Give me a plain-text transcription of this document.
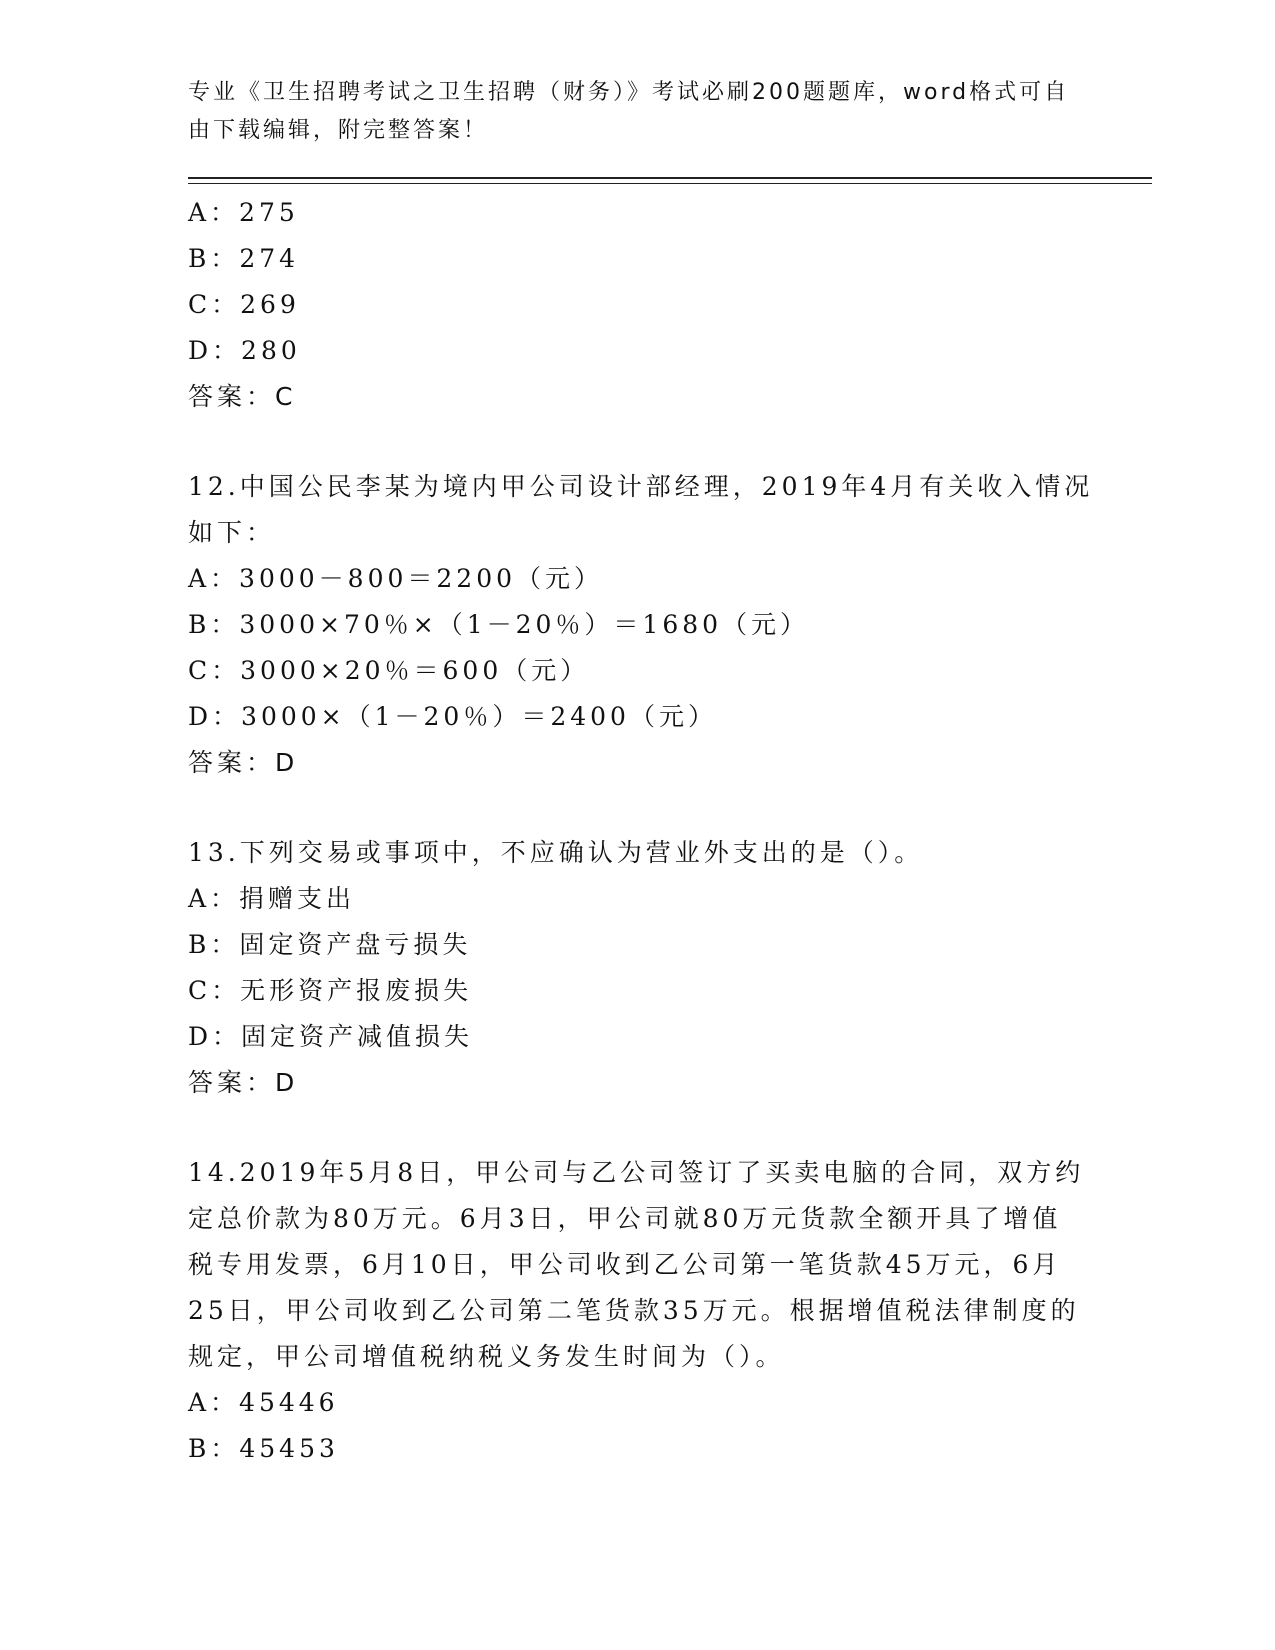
专业《卫生招聘考试之卫生招聘（财务）》考试必刷200题题库，word格式可自
由下载编辑，附完整答案！
A：275
B：274
C：269
D：280
答案：C
12.中国公民李某为境内甲公司设计部经理，2019年4月有关收入情况
如下：
A：3000－800＝2200（元）
B：3000×70％×（1－20％）＝1680（元）
C：3000×20％＝600（元）
D：3000×（1－20％）＝2400（元）
答案：D
13.下列交易或事项中，不应确认为营业外支出的是（）。
A：捐赠支出
B：固定资产盘亏损失
C：无形资产报废损失
D：固定资产减值损失
答案：D
14.2019年5月8日，甲公司与乙公司签订了买卖电脑的合同，双方约
定总价款为80万元。6月3日，甲公司就80万元货款全额开具了增值
税专用发票，6月10日，甲公司收到乙公司第一笔货款45万元，6月
25日，甲公司收到乙公司第二笔货款35万元。根据增值税法律制度的
规定，甲公司增值税纳税义务发生时间为（）。
A：45446
B：45453
